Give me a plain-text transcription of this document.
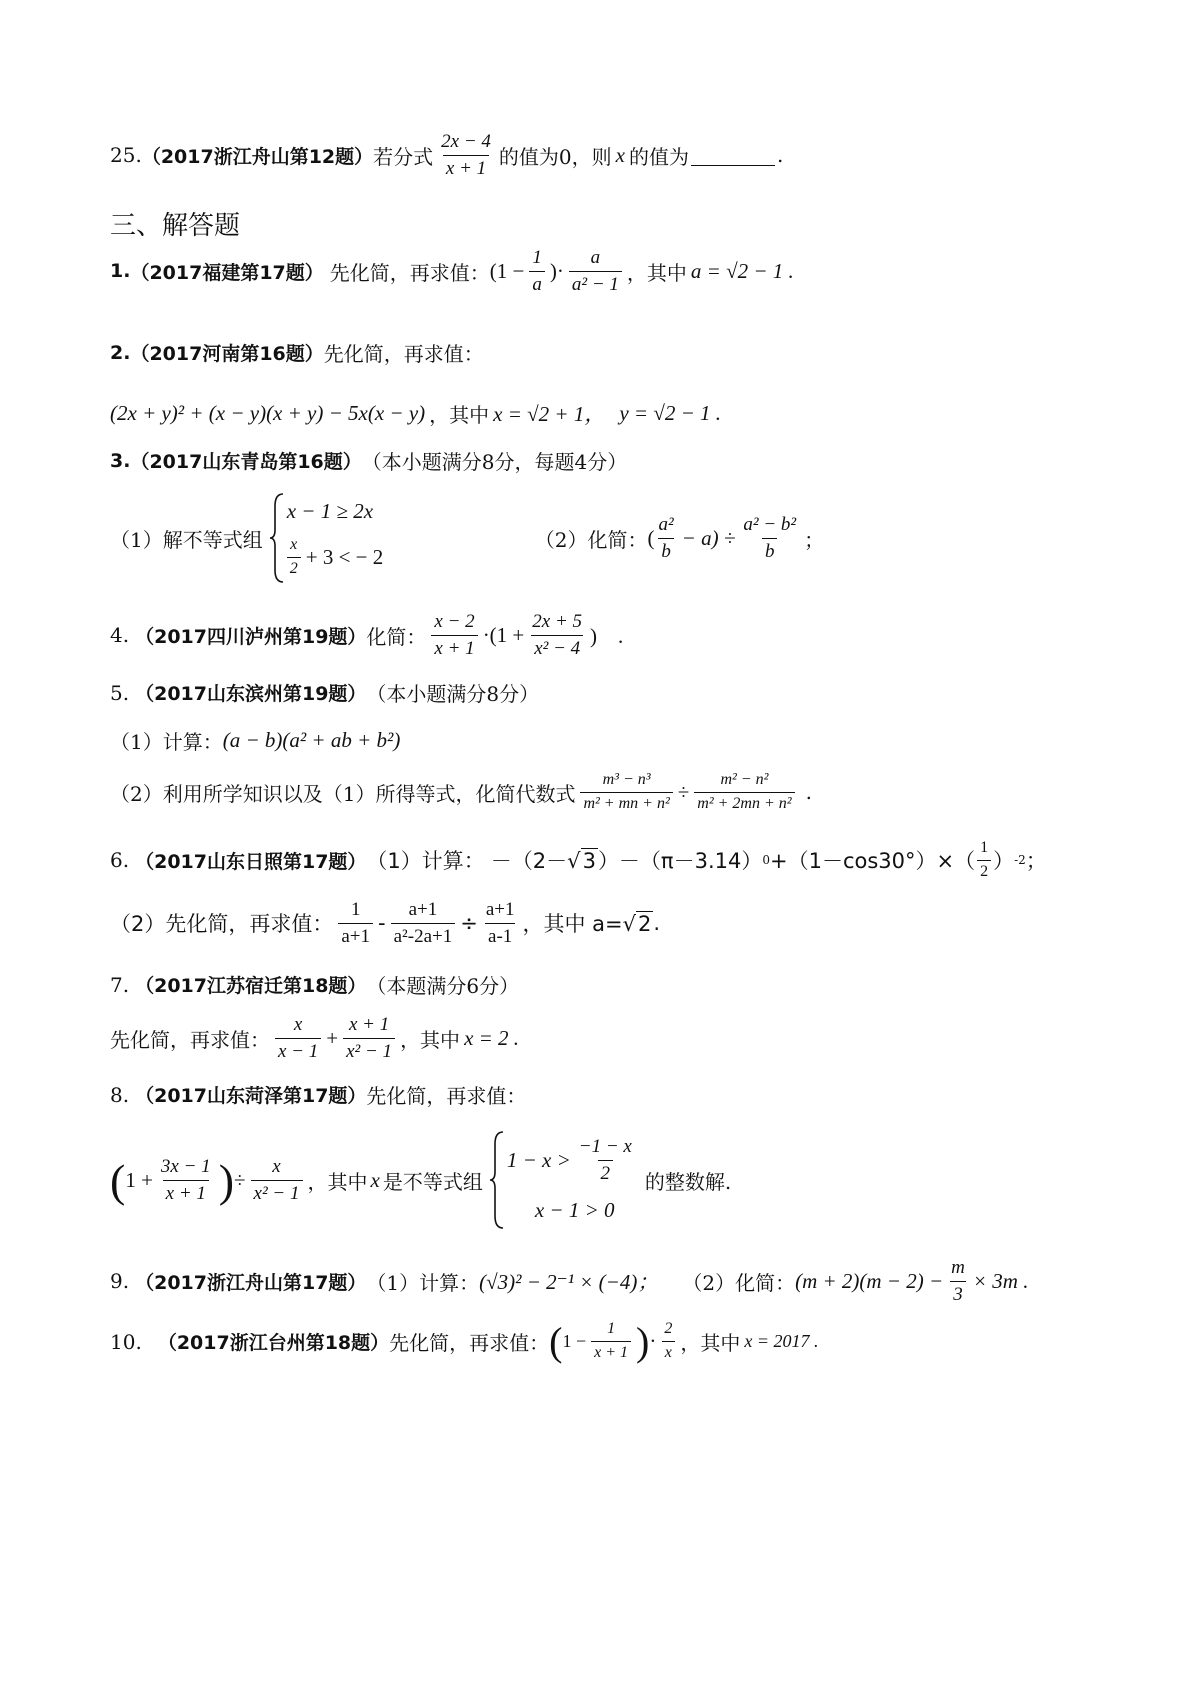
25. （2017浙江舟山第12题） 若分式 $\frac{2x - 4}{x + 1}$ 的值为0，则 x 的值为	.
三、解答题
1. （2017福建第17题） 先化简，再求值： ($1 - \frac{1}{a}$ )· $\frac{a}{\text{a² − 1}}$ ，其中 a = √2 − 1 .
2. （2017河南第16题） 先化简，再求值：
(2x + y)² + (x − y)(x + y) − 5x(x − y) ，其中 x = √2 + 1， y = √2 − 1 .
3. （2017山东青岛第16题） （本小题满分8分，每题4分）
（1）解不等式组
x − 1 ≥ 2x
$\frac{x}{2} + 3$ < − 2
（2）化简： ( $\frac{\text{a²}}{b} - a) \div \frac{\text{a² − b²}}{b}$ ；
4. （2017四川泸州第19题） 化简： $\frac{x - 2}{x + 1} \cdot(1 + \frac{2x + 5}{\text{x² − 4}}$ )　.
5. （2017山东滨州第19题） （本小题满分8分）
（1）计算： (a − b)(a² + ab + b²)
（2）利用所学知识以及（1）所得等式，化简代数式 $\frac{\text{m³ − n³}}{\text{m² + mn + n²}} \div \frac{\text{m² − n²}}{\text{m² + 2mn + n²}}$ .
6. （2017山东日照第17题） （1）计算： －（2－ √ 3 ）－（π－3.14） $0 +(1-\cos 30^\circ)\times( \frac{1}{2}$ ） -2 ；
（2）先化简，再求值： $\frac{1}{a+1} - \frac{a+1}{\text{a²-2a+1}} \div \frac{a+1}{a-1}$ ，其中 a= √ 2 .
7. （2017江苏宿迁第18题） （本题满分6分）
先化简，再求值： $\frac{x}{x - 1} + \frac{x + 1}{\text{x² − 1}}$ ，其中 x = 2 .
8. （2017山东菏泽第17题） 先化简，再求值：
( $1 + \frac{3x - 1}{x + 1}$ ) ÷ $\frac{x}{\text{x² − 1}}$ ，其中 x 是不等式组
$1 - x > \frac{-1 - x}{2}$
x − 1 > 0
的整数解.
9. （2017浙江舟山第17题） （1）计算： (√3)² − 2⁻¹ × (−4)； （2）化简： $(m + 2)(m - 2) - \frac{m}{3} \times 3m$ .
10. （2017浙江台州第18题） 先化简，再求值： ( $1 - \frac{1}{x + 1}$ ) · $\frac{2}{x}$ ，其中 x = 2017 .
